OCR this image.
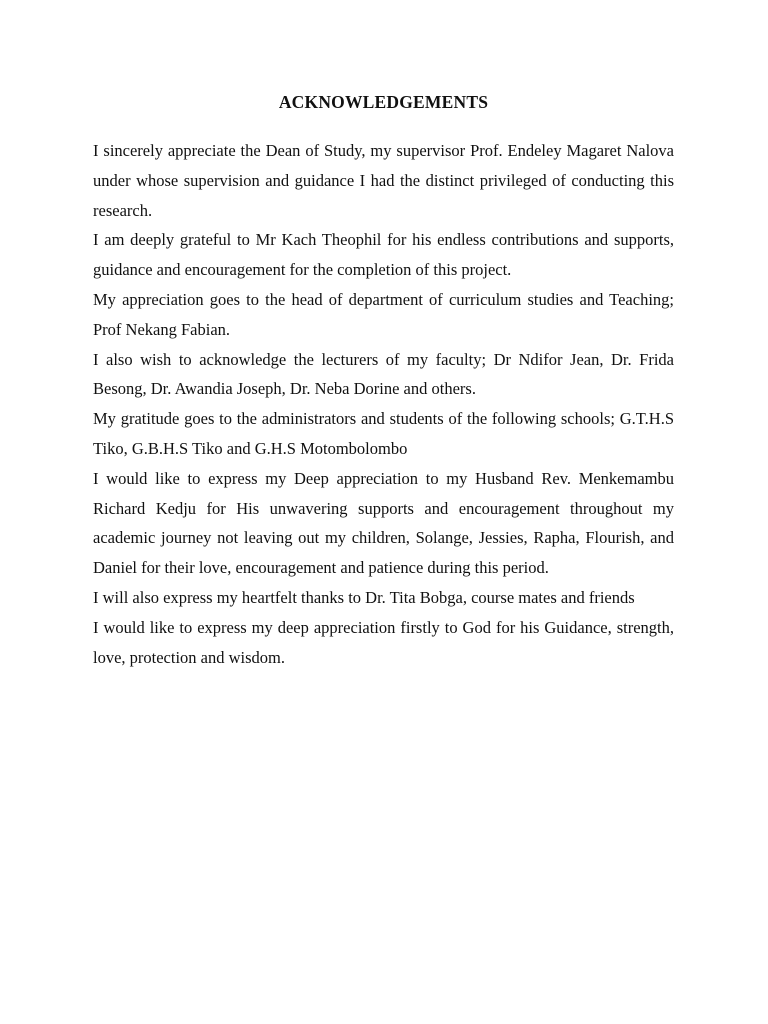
ACKNOWLEDGEMENTS

I sincerely appreciate the Dean of Study, my supervisor Prof. Endeley Magaret Nalova under whose supervision and guidance I had the distinct privileged of conducting this research.

I am deeply grateful to Mr Kach Theophil for his endless contributions and supports, guidance and encouragement for the completion of this project.

My appreciation goes to the head of department of curriculum studies and Teaching; Prof Nekang Fabian.

I also wish to acknowledge the lecturers of my faculty; Dr Ndifor Jean, Dr. Frida Besong, Dr. Awandia Joseph, Dr. Neba Dorine and others.

My gratitude goes to the administrators and students of the following schools; G.T.H.S Tiko, G.B.H.S Tiko and G.H.S Motombolombo

I would like to express my Deep appreciation to my Husband Rev. Menkemambu Richard Kedju for His unwavering supports and encouragement throughout my academic journey not leaving out my children, Solange, Jessies, Rapha, Flourish, and Daniel for their love, encouragement and patience during this period.

I will also express my heartfelt thanks to Dr. Tita Bobga, course mates and friends

I would like to express my deep appreciation firstly to God for his Guidance, strength, love, protection and wisdom.
